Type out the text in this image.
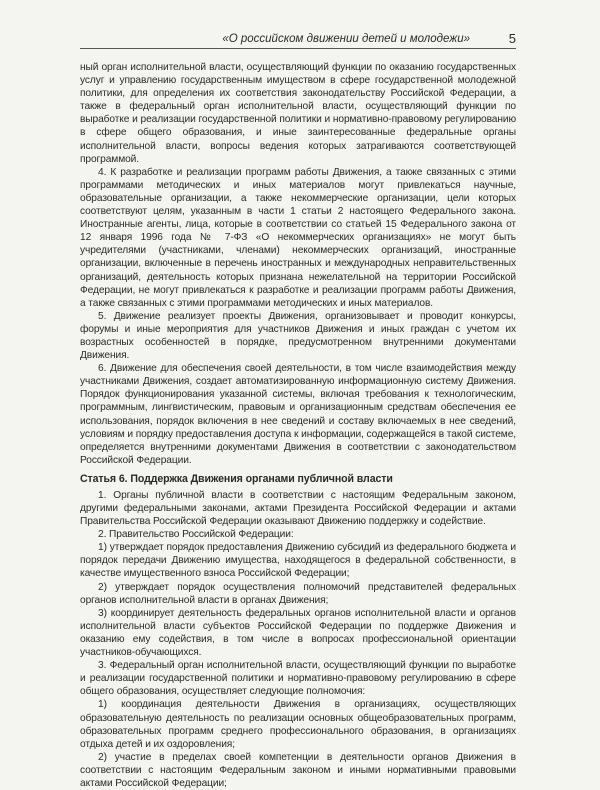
«О российском движении детей и молодежи»	5

ный орган исполнительной власти, осуществляющий функции по оказанию государственных услуг и управлению государственным имуществом в сфере государственной молодежной политики, для определения их соответствия законодательству Российской Федерации, а также в федеральный орган исполнительной власти, осуществляющий функции по выработке и реализации государственной политики и нормативно-правовому регулированию в сфере общего образования, и иные заинтересованные федеральные органы исполнительной власти, вопросы ведения которых затрагиваются соответствующей программой.

4. К разработке и реализации программ работы Движения, а также связанных с этими программами методических и иных материалов могут привлекаться научные, образовательные организации, а также некоммерческие организации, цели которых соответствуют целям, указанным в части 1 статьи 2 настоящего Федерального закона. Иностранные агенты, лица, которые в соответствии со статьей 15 Федерального закона от 12 января 1996 года № 7-ФЗ «О некоммерческих организациях» не могут быть учредителями (участниками, членами) некоммерческих организаций, иностранные организации, включенные в перечень иностранных и международных неправительственных организаций, деятельность которых признана нежелательной на территории Российской Федерации, не могут привлекаться к разработке и реализации программ работы Движения, а также связанных с этими программами методических и иных материалов.

5. Движение реализует проекты Движения, организовывает и проводит конкурсы, форумы и иные мероприятия для участников Движения и иных граждан с учетом их возрастных особенностей в порядке, предусмотренном внутренними документами Движения.

6. Движение для обеспечения своей деятельности, в том числе взаимодействия между участниками Движения, создает автоматизированную информационную систему Движения. Порядок функционирования указанной системы, включая требования к технологическим, программным, лингвистическим, правовым и организационным средствам обеспечения ее использования, порядок включения в нее сведений и составу включаемых в нее сведений, условиям и порядку предоставления доступа к информации, содержащейся в такой системе, определяется внутренними документами Движения в соответствии с законодательством Российской Федерации.

Статья 6. Поддержка Движения органами публичной власти

1. Органы публичной власти в соответствии с настоящим Федеральным законом, другими федеральными законами, актами Президента Российской Федерации и актами Правительства Российской Федерации оказывают Движению поддержку и содействие.

2. Правительство Российской Федерации:

1) утверждает порядок предоставления Движению субсидий из федерального бюджета и порядок передачи Движению имущества, находящегося в федеральной собственности, в качестве имущественного взноса Российской Федерации;

2) утверждает порядок осуществления полномочий представителей федеральных органов исполнительной власти в органах Движения;

3) координирует деятельность федеральных органов исполнительной власти и органов исполнительной власти субъектов Российской Федерации по поддержке Движения и оказанию ему содействия, в том числе в вопросах профессиональной ориентации участников-обучающихся.

3. Федеральный орган исполнительной власти, осуществляющий функции по выработке и реализации государственной политики и нормативно-правовому регулированию в сфере общего образования, осуществляет следующие полномочия:

1) координация деятельности Движения в организациях, осуществляющих образовательную деятельность по реализации основных общеобразовательных программ, образовательных программ среднего профессионального образования, в организациях отдыха детей и их оздоровления;

2) участие в пределах своей компетенции в деятельности органов Движения в соответствии с настоящим Федеральным законом и иными нормативными правовыми актами Российской Федерации;
